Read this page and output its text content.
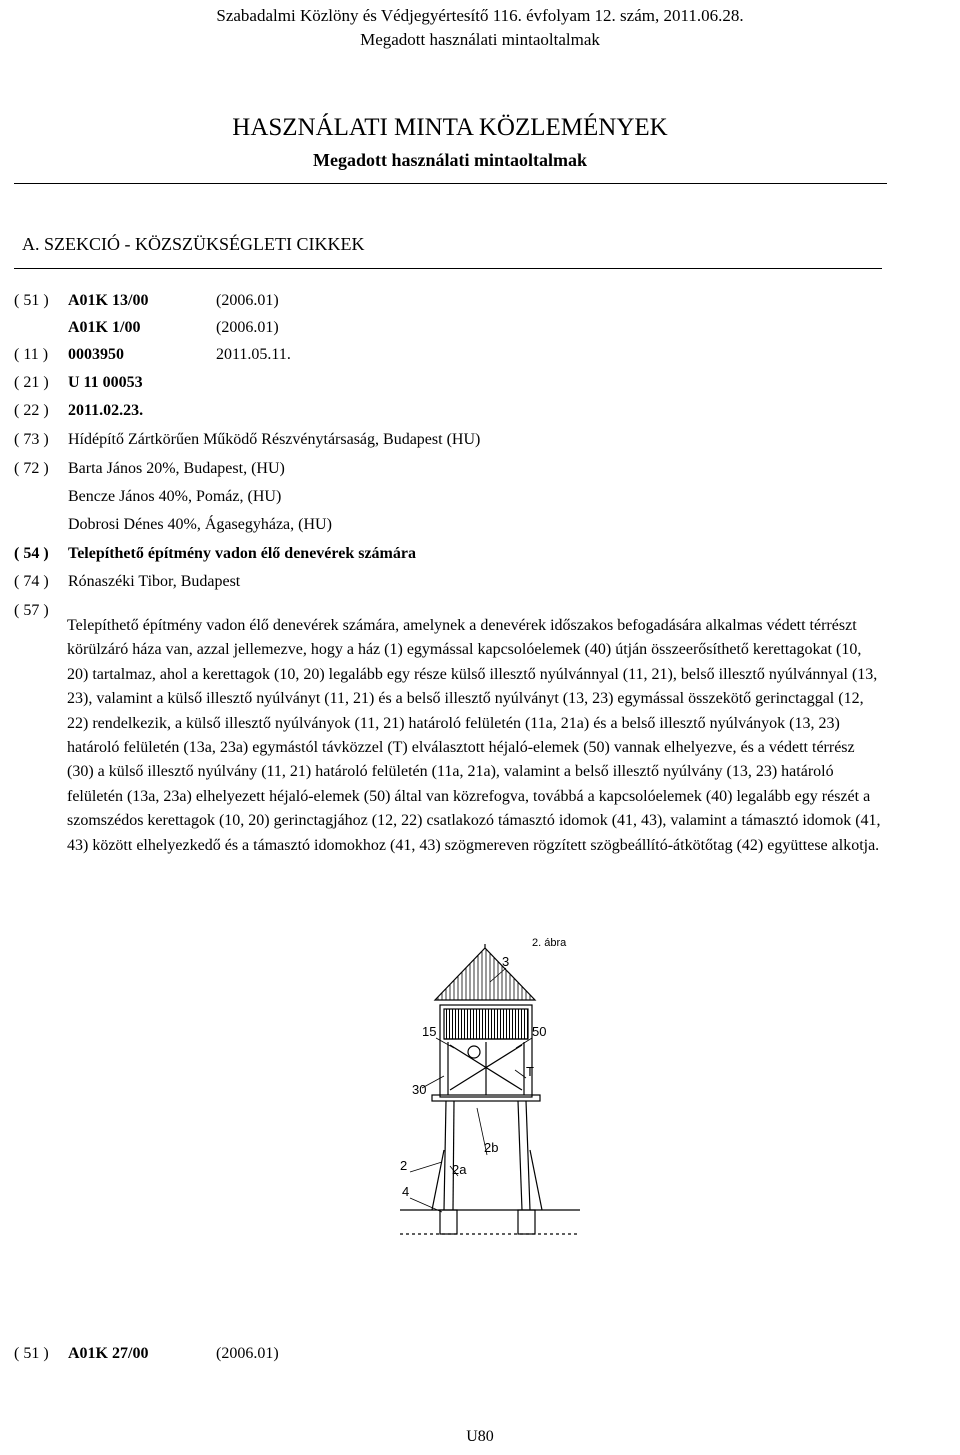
Szabadalmi Közlöny és Védjegyértesítő 116. évfolyam 12. szám, 2011.06.28.
Megadott használati mintaoltalmak
HASZNÁLATI MINTA KÖZLEMÉNYEK
Megadott használati mintaoltalmak
A. SZEKCIÓ - KÖZSZÜKSÉGLETI CIKKEK
( 51 ) A01K 13/00	(2006.01)
A01K 1/00	(2006.01)
( 11 ) 0003950	2011.05.11.
( 21 ) U 11 00053
( 22 ) 2011.02.23.
( 73 ) Hídépítő Zártkörűen Működő Részvénytársaság, Budapest (HU)
( 72 ) Barta János 20%, Budapest, (HU)
Bencze János 40%, Pomáz, (HU)
Dobrosi Dénes 40%, Ágasegyháza, (HU)
( 54 ) Telepíthető építmény vadon élő denevérek számára
( 74 ) Rónaszéki Tibor, Budapest
( 57 )
Telepíthető építmény vadon élő denevérek számára, amelynek a denevérek időszakos befogadására alkalmas védett térrészt körülzáró háza van, azzal jellemezve, hogy a ház (1) egymással kapcsolóelemek (40) útján összeerősíthető kerettagokat (10, 20) tartalmaz, ahol a kerettagok (10, 20) legalább egy része külső illesztő nyúlvánnyal (11, 21), belső illesztő nyúlvánnyal (13, 23), valamint a külső illesztő nyúlványt (11, 21) és a belső illesztő nyúlványt (13, 23) egymással összekötő gerinctaggal (12, 22) rendelkezik, a külső illesztő nyúlványok (11, 21) határoló felületén (11a, 21a) és a belső illesztő nyúlványok (13, 23) határoló felületén (13a, 23a) egymástól távközzel (T) elválasztott héjaló-elemek (50) vannak elhelyezve, és a védett térrész (30) a külső illesztő nyúlvány (11, 21) határoló felületén (11a, 21a), valamint a belső illesztő nyúlvány (13, 23) határoló felületén (13a, 23a) elhelyezett héjaló-elemek (50) által van közrefogva, továbbá a kapcsolóelemek (40) legalább egy részét a szomszédos kerettagok (10, 20) gerinctagjához (12, 22) csatlakozó támasztó idomok (41, 43), valamint a támasztó idomok (41, 43) között elhelyezkedő és a támasztó idomokhoz (41, 43) szögmereven rögzített szögbeállító-átkötőtag (42) együttese alkotja.
3
15	50
30
T
2b
2	2a
4
2. ábra
( 51 ) A01K 27/00	(2006.01)
U80
